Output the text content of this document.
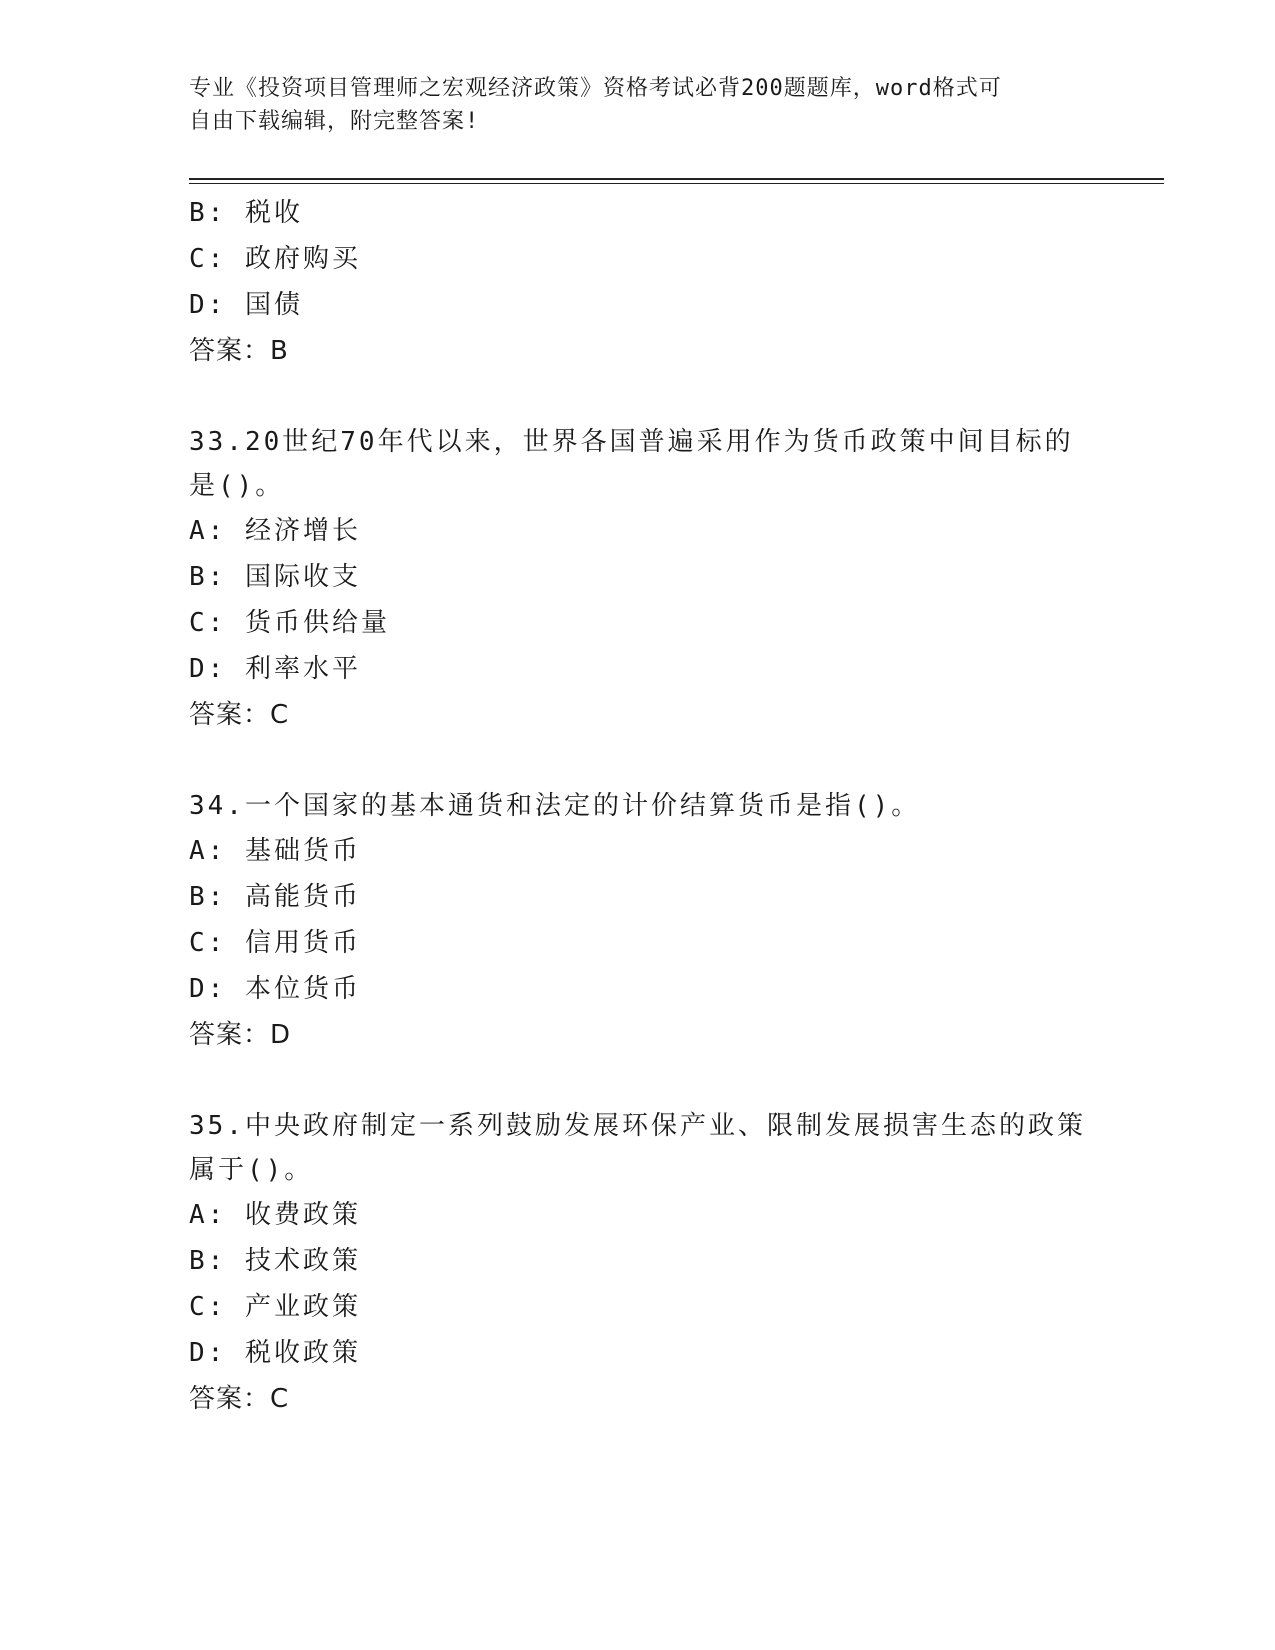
专业《投资项目管理师之宏观经济政策》资格考试必背200题题库，word格式可
自由下载编辑，附完整答案!
B: 税收
C: 政府购买
D: 国债
答案：B
33.20世纪70年代以来，世界各国普遍采用作为货币政策中间目标的
是()。
A: 经济增长
B: 国际收支
C: 货币供给量
D: 利率水平
答案：C
34.一个国家的基本通货和法定的计价结算货币是指()。
A: 基础货币
B: 高能货币
C: 信用货币
D: 本位货币
答案：D
35.中央政府制定一系列鼓励发展环保产业、限制发展损害生态的政策
属于()。
A: 收费政策
B: 技术政策
C: 产业政策
D: 税收政策
答案：C
